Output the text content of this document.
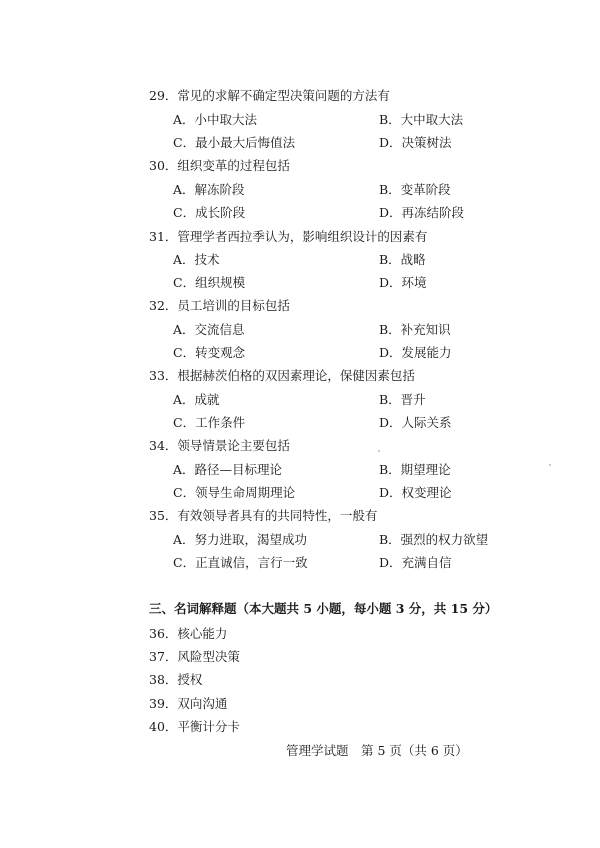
29．常见的求解不确定型决策问题的方法有
A．小中取大法	B．大中取大法
C．最小最大后悔值法	D．决策树法
30．组织变革的过程包括
A．解冻阶段	B．变革阶段
C．成长阶段	D．再冻结阶段
31．管理学者西拉季认为，影响组织设计的因素有
A．技术	B．战略
C．组织规模	D．环境
32．员工培训的目标包括
A．交流信息	B．补充知识
C．转变观念	D．发展能力
33．根据赫茨伯格的双因素理论，保健因素包括
A．成就	B．晋升
C．工作条件	D．人际关系
34．领导情景论主要包括
A．路径—目标理论	B．期望理论
C．领导生命周期理论	D．权变理论
35．有效领导者具有的共同特性，一般有
A．努力进取，渴望成功	B．强烈的权力欲望
C．正直诚信，言行一致	D．充满自信
三、名词解释题（本大题共 5 小题，每小题 3 分，共 15 分）
36．核心能力
37．风险型决策
38．授权
39．双向沟通
40．平衡计分卡
管理学试题　第 5 页（共 6 页）
